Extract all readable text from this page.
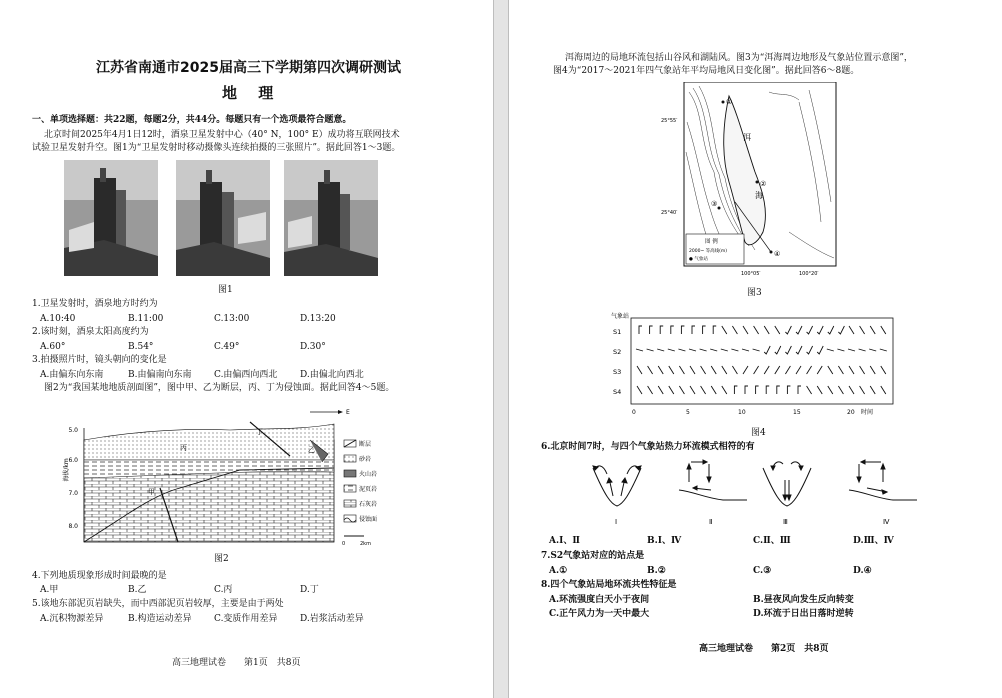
江苏省南通市2025届高三下学期第四次调研测试
地 理
一、单项选择题：共22题，每题2分，共44分。每题只有一个选项最符合题意。
北京时间2025年4月1日12时，酒泉卫星发射中心（40° N，100° E）成功将互联网技术
试验卫星发射升空。图1为“卫星发射时移动摄像头连续拍摄的三张照片”。据此回答1～3题。
图1
1.卫星发射时，酒泉地方时约为
A.10:40	B.11:00	C.13:00	D.13:20
2.该时刻，酒泉太阳高度约为
A.60°	B.54°	C.49°	D.30°
3.拍摄照片时，镜头朝向的变化是
A.由偏东向东南	B.由偏南向东南	C.由偏西向西北	D.由偏北向西北
图2为“我国某地地质剖面图”，图中甲、乙为断层，丙、丁为侵蚀面。据此回答4～5题。
5.0
6.0
7.0
8.0
海拔/km
E
丙
丁
乙
甲
断层
砂岩
火山岩
泥页岩
石灰岩
侵蚀面
0	2km
图2
4.下列地质现象形成时间最晚的是
A.甲	B.乙	C.丙	D.丁
5.该地东部泥页岩缺失，而中西部泥页岩较厚，主要是由于两处
A.沉积物源差异	B.构造运动差异	C.变质作用差异	D.岩浆活动差异
高三地理试卷　　第1页　共8页
洱海周边的局地环流包括山谷风和湖陆风。图3为“洱海周边地形及气象站位置示意图”，
图4为“2017～2021年四气象站年平均局地风日变化图”。据此回答6～8题。
洱
海
①
②
③
④
25°55′
25°40′
100°05′	100°20′
图 例
2000~ 等高线(m)
● 气象站
图3
气象站
S1
S2
S3
S4
0	5	10	15	20 时间
图4
6.北京时间7时，与四个气象站热力环流模式相符的有
Ⅰ	Ⅱ	Ⅲ	Ⅳ
A.Ⅰ、Ⅱ	B.Ⅰ、Ⅳ	C.Ⅱ、Ⅲ	D.Ⅲ、Ⅳ
7.S2气象站对应的站点是
A.①	B.②	C.③	D.④
8.四个气象站局地环流共性特征是
A.环流强度白天小于夜间	B.昼夜风向发生反向转变
C.正午风力为一天中最大	D.环流于日出日落时逆转
高三地理试卷　　第2页　共8页
